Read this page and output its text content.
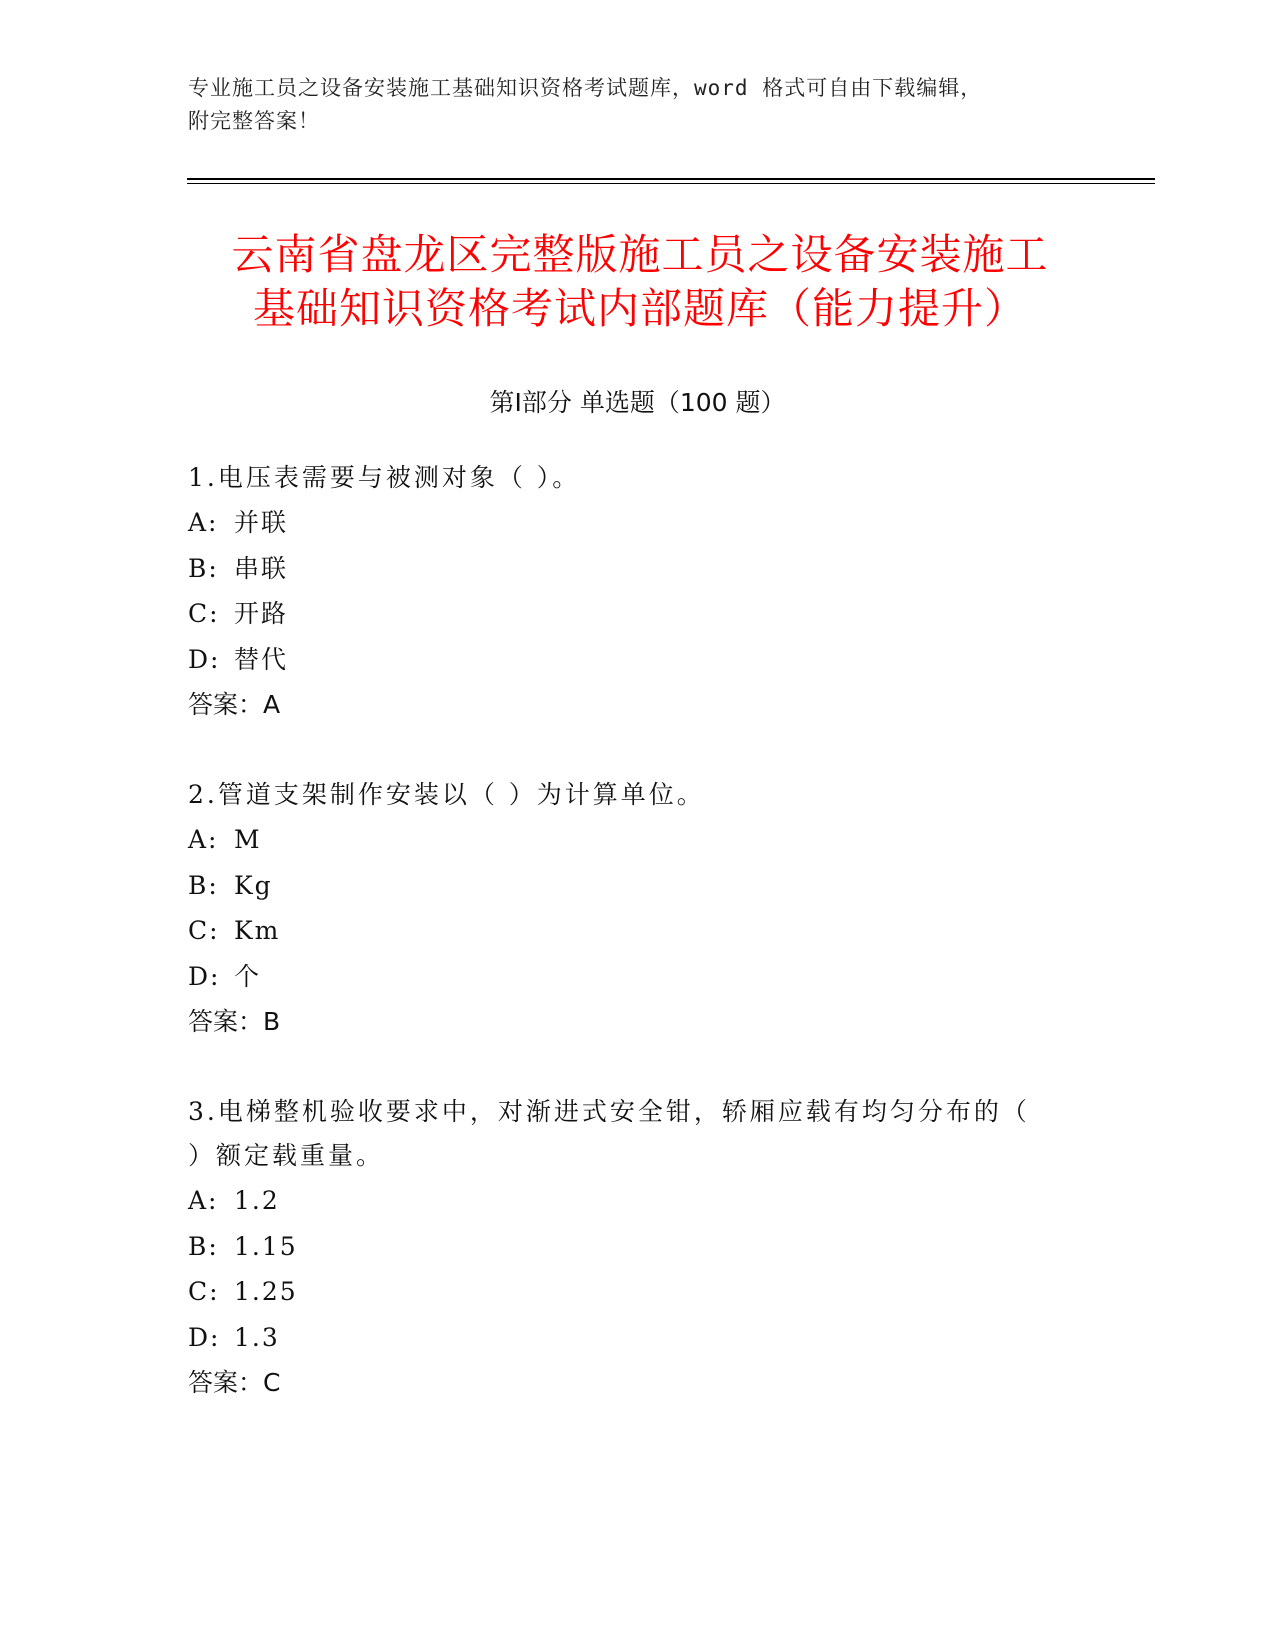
专业施工员之设备安装施工基础知识资格考试题库，word 格式可自由下载编辑，
附完整答案！
云南省盘龙区完整版施工员之设备安装施工
基础知识资格考试内部题库（能力提升）
第Ⅰ部分 单选题（100 题）

1.电压表需要与被测对象（ ）。

A: 并联

B: 串联

C: 开路

D: 替代

答案：A

2.管道支架制作安装以（ ）为计算单位。

A: M

B: Kg

C: Km

D: 个

答案：B

3.电梯整机验收要求中，对渐进式安全钳，轿厢应载有均匀分布的（

）额定载重量。

A: 1.2

B: 1.15

C: 1.25

D: 1.3

答案：C
